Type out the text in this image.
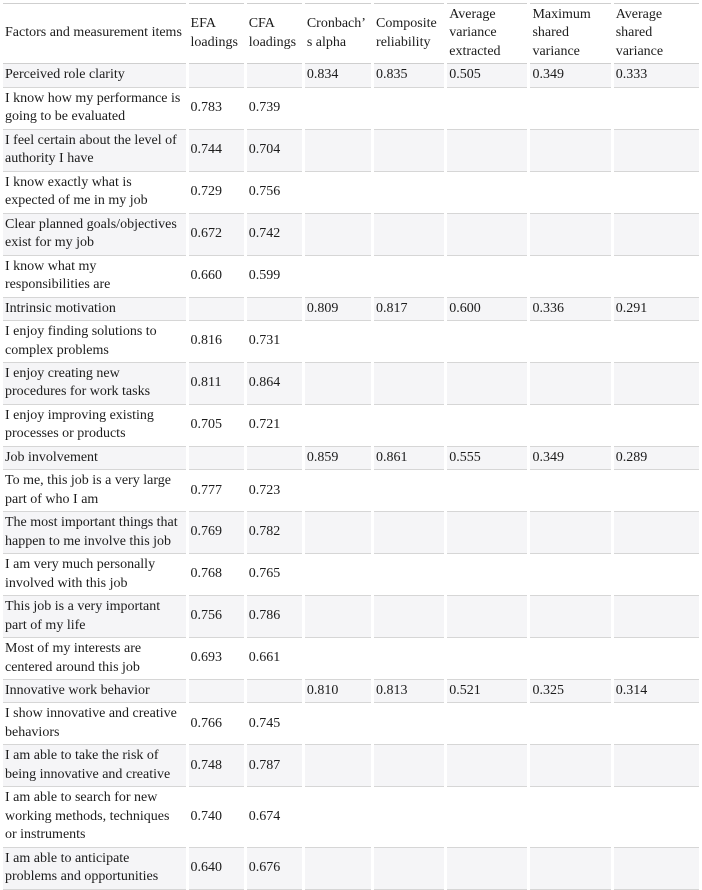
Factors and measurement items	EFA loadings	CFA loadings	Cronbach’ s alpha	Composite reliability	Average variance extracted	Maximum shared variance	Average shared variance
Perceived role clarity			0.834	0.835	0.505	0.349	0.333
I know how my performance is going to be evaluated	0.783	0.739					
I feel certain about the level of authority I have	0.744	0.704					
I know exactly what is expected of me in my job	0.729	0.756					
Clear planned goals/objectives exist for my job	0.672	0.742					
I know what my responsibilities are	0.660	0.599					
Intrinsic motivation			0.809	0.817	0.600	0.336	0.291
I enjoy finding solutions to complex problems	0.816	0.731					
I enjoy creating new procedures for work tasks	0.811	0.864					
I enjoy improving existing processes or products	0.705	0.721					
Job involvement			0.859	0.861	0.555	0.349	0.289
To me, this job is a very large part of who I am	0.777	0.723					
The most important things that happen to me involve this job	0.769	0.782					
I am very much personally involved with this job	0.768	0.765					
This job is a very important part of my life	0.756	0.786					
Most of my interests are centered around this job	0.693	0.661					
Innovative work behavior			0.810	0.813	0.521	0.325	0.314
I show innovative and creative behaviors	0.766	0.745					
I am able to take the risk of being innovative and creative	0.748	0.787					
I am able to search for new working methods, techniques or instruments	0.740	0.674					
I am able to anticipate problems and opportunities	0.640	0.676					
